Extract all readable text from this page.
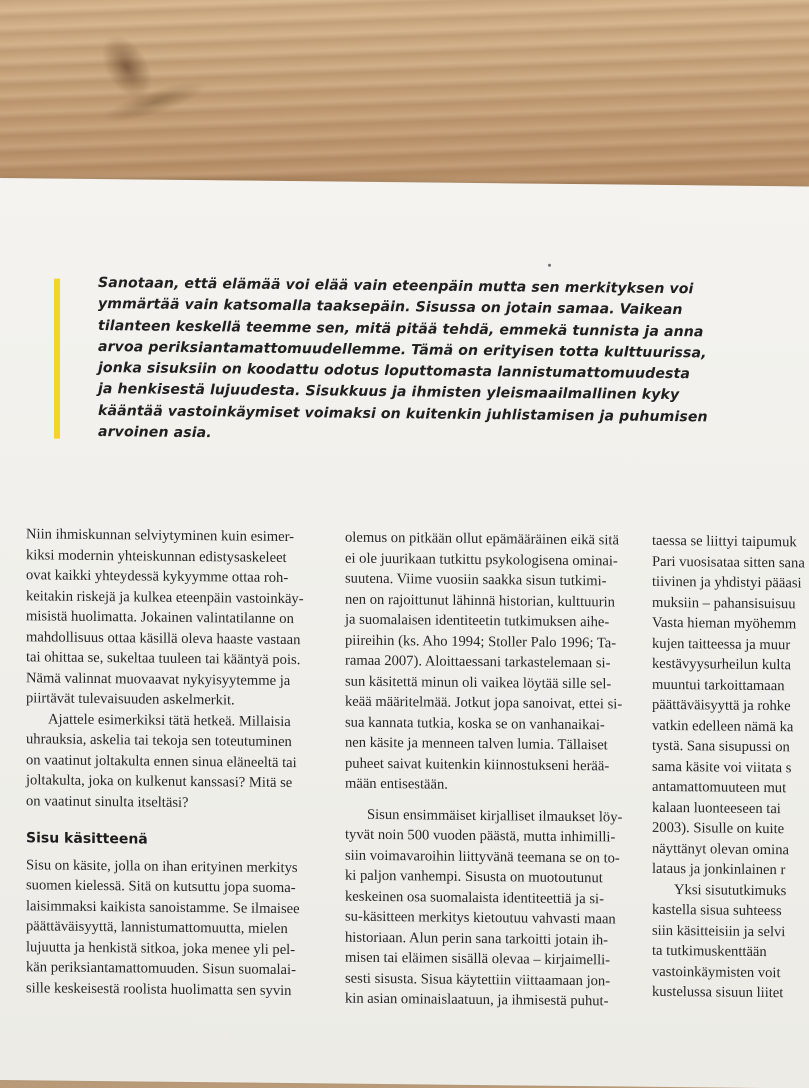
Sanotaan, että elämää voi elää vain eteenpäin mutta sen merkityksen voi
ymmärtää vain katsomalla taaksepäin. Sisussa on jotain samaa. Vaikean
tilanteen keskellä teemme sen, mitä pitää tehdä, emmekä tunnista ja anna
arvoa periksiantamattomuudellemme. Tämä on erityisen totta kulttuurissa,
jonka sisuksiin on koodattu odotus loputtomasta lannistumattomuudesta
ja henkisestä lujuudesta. Sisukkuus ja ihmisten yleismaailmallinen kyky
kääntää vastoinkäymiset voimaksi on kuitenkin juhlistamisen ja puhumisen
arvoinen asia.
Niin ihmiskunnan selviytyminen kuin esimer-
kiksi modernin yhteiskunnan edistysaskeleet
ovat kaikki yhteydessä kykyymme ottaa roh-
keitakin riskejä ja kulkea eteenpäin vastoinkäy-
misistä huolimatta. Jokainen valintatilanne on
mahdollisuus ottaa käsillä oleva haaste vastaan
tai ohittaa se, sukeltaa tuuleen tai kääntyä pois.
Nämä valinnat muovaavat nykyisyytemme ja
piirtävät tulevaisuuden askelmerkit.
Ajattele esimerkiksi tätä hetkeä. Millaisia
uhrauksia, askelia tai tekoja sen toteutuminen
on vaatinut joltakulta ennen sinua eläneeltä tai
joltakulta, joka on kulkenut kanssasi? Mitä se
on vaatinut sinulta itseltäsi?
Sisu käsitteenä
Sisu on käsite, jolla on ihan erityinen merkitys
suomen kielessä. Sitä on kutsuttu jopa suoma-
laisimmaksi kaikista sanoistamme. Se ilmaisee
päättäväisyyttä, lannistumattomuutta, mielen
lujuutta ja henkistä sitkoa, joka menee yli pel-
kän periksiantamattomuuden. Sisun suomalai-
sille keskeisestä roolista huolimatta sen syvin
olemus on pitkään ollut epämääräinen eikä sitä
ei ole juurikaan tutkittu psykologisena ominai-
suutena. Viime vuosiin saakka sisun tutkimi-
nen on rajoittunut lähinnä historian, kulttuurin
ja suomalaisen identiteetin tutkimuksen aihe-
piireihin (ks. Aho 1994; Stoller Palo 1996; Ta-
ramaa 2007). Aloittaessani tarkastelemaan si-
sun käsitettä minun oli vaikea löytää sille sel-
keää määritelmää. Jotkut jopa sanoivat, ettei si-
sua kannata tutkia, koska se on vanhanaikai-
nen käsite ja menneen talven lumia. Tällaiset
puheet saivat kuitenkin kiinnostukseni herää-
mään entisestään.
Sisun ensimmäiset kirjalliset ilmaukset löy-
tyvät noin 500 vuoden päästä, mutta inhimilli-
siin voimavaroihin liittyvänä teemana se on to-
ki paljon vanhempi. Sisusta on muotoutunut
keskeinen osa suomalaista identiteettiä ja si-
su-käsitteen merkitys kietoutuu vahvasti maan
historiaan. Alun perin sana tarkoitti jotain ih-
misen tai eläimen sisällä olevaa – kirjaimelli-
sesti sisusta. Sisua käytettiin viittaamaan jon-
kin asian ominaislaatuun, ja ihmisestä puhut-
taessa se liittyi taipumuk
Pari vuosisataa sitten sana
tiivinen ja yhdistyi pääasi
muksiin – pahansisuisuu
Vasta hieman myöhemm
kujen taitteessa ja muur
kestävyysurheilun kulta
muuntui tarkoittamaan
päättäväisyyttä ja rohke
vatkin edelleen nämä ka
tystä. Sana sisupussi on
sama käsite voi viitata s
antamattomuuteen mut
kalaan luonteeseen tai
2003). Sisulle on kuite
näyttänyt olevan omina
lataus ja jonkinlainen r
Yksi sisututkimuks
kastella sisua suhteess
siin käsitteisiin ja selvi
ta tutkimuskenttään
vastoinkäymisten voit
kustelussa sisuun liitet
